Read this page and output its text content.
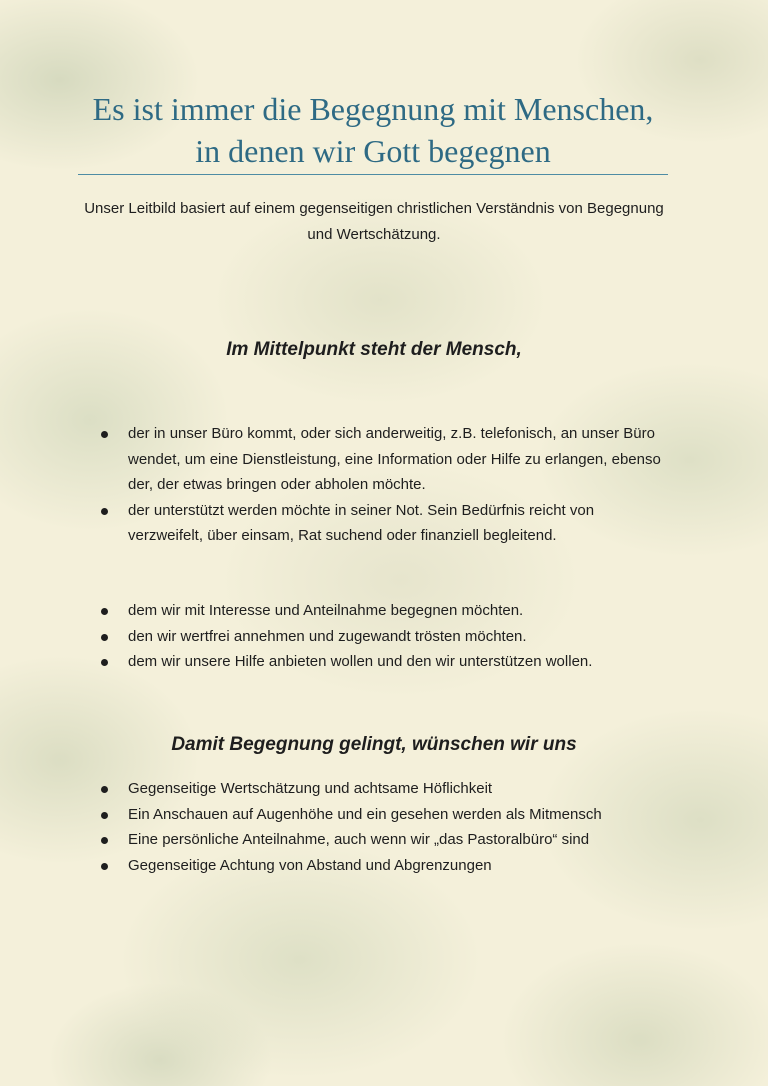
Es ist immer die Begegnung mit Menschen, in denen wir Gott begegnen

Unser Leitbild basiert auf einem gegenseitigen christlichen Verständnis von Begegnung und Wertschätzung.

Im Mittelpunkt steht der Mensch,
der in unser Büro kommt, oder sich anderweitig, z.B. telefonisch, an unser Büro wendet, um eine Dienstleistung, eine Information oder Hilfe zu erlangen, ebenso der, der etwas bringen oder abholen möchte.
der unterstützt werden möchte in seiner Not. Sein Bedürfnis reicht von verzweifelt, über einsam, Rat suchend oder finanziell begleitend.
dem wir mit Interesse und Anteilnahme begegnen möchten.
den wir wertfrei annehmen und zugewandt trösten möchten.
dem wir unsere Hilfe anbieten wollen und den wir unterstützen wollen.
Damit Begegnung gelingt, wünschen wir uns
Gegenseitige Wertschätzung und achtsame Höflichkeit
Ein Anschauen auf Augenhöhe und ein gesehen werden als Mitmensch
Eine persönliche Anteilnahme, auch wenn wir „das Pastoralbüro“ sind
Gegenseitige Achtung von Abstand und Abgrenzungen
